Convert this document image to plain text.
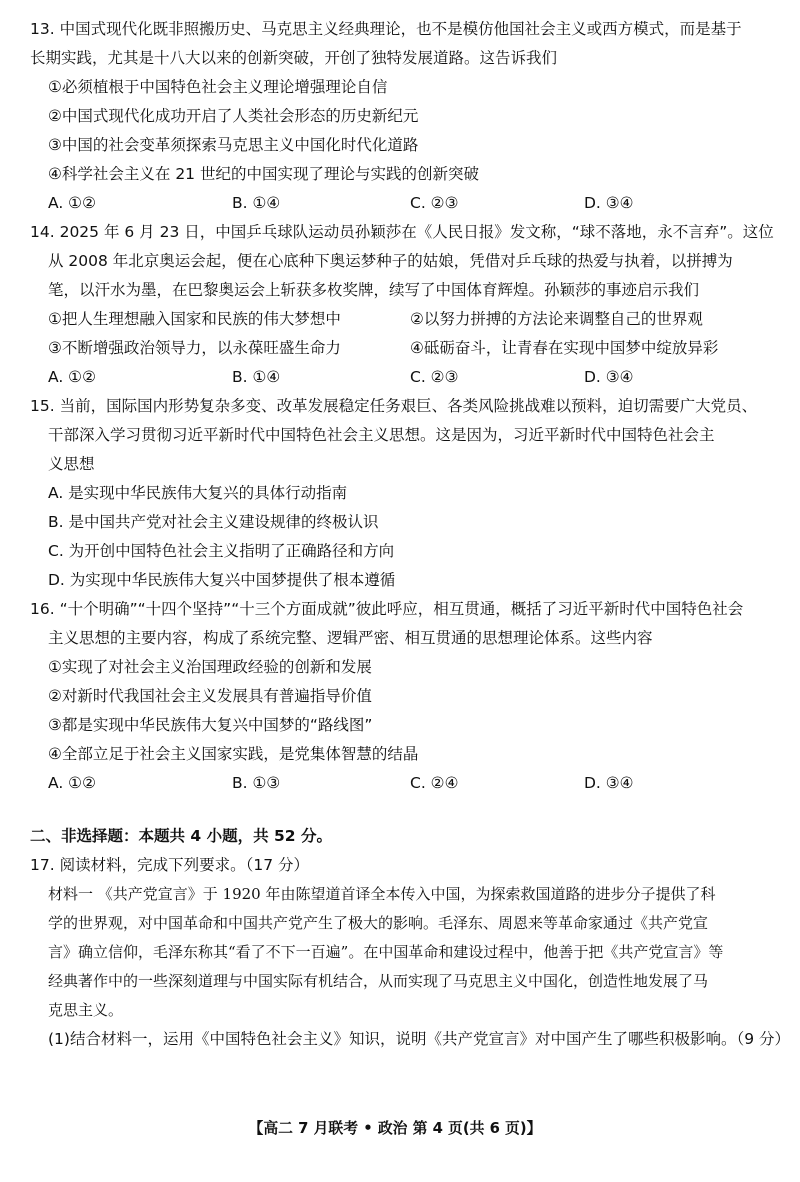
13. 中国式现代化既非照搬历史、马克思主义经典理论，也不是模仿他国社会主义或西方模式，而是基于
长期实践，尤其是十八大以来的创新突破，开创了独特发展道路。这告诉我们
①必须植根于中国特色社会主义理论增强理论自信
②中国式现代化成功开启了人类社会形态的历史新纪元
③中国的社会变革须探索马克思主义中国化时代化道路
④科学社会主义在 21 世纪的中国实现了理论与实践的创新突破
A. ①②	B. ①④	C. ②③	D. ③④
14. 2025 年 6 月 23 日，中国乒乓球队运动员孙颖莎在《人民日报》发文称，“球不落地，永不言弃”。这位
从 2008 年北京奥运会起，便在心底种下奥运梦种子的姑娘，凭借对乒乓球的热爱与执着，以拼搏为
笔，以汗水为墨，在巴黎奥运会上斩获多枚奖牌，续写了中国体育辉煌。孙颖莎的事迹启示我们
①把人生理想融入国家和民族的伟大梦想中	②以努力拼搏的方法论来调整自己的世界观
③不断增强政治领导力，以永葆旺盛生命力	④砥砺奋斗，让青春在实现中国梦中绽放异彩
A. ①②	B. ①④	C. ②③	D. ③④
15. 当前，国际国内形势复杂多变、改革发展稳定任务艰巨、各类风险挑战难以预料，迫切需要广大党员、
干部深入学习贯彻习近平新时代中国特色社会主义思想。这是因为，习近平新时代中国特色社会主
义思想
A. 是实现中华民族伟大复兴的具体行动指南
B. 是中国共产党对社会主义建设规律的终极认识
C. 为开创中国特色社会主义指明了正确路径和方向
D. 为实现中华民族伟大复兴中国梦提供了根本遵循
16. “十个明确”“十四个坚持”“十三个方面成就”彼此呼应，相互贯通，概括了习近平新时代中国特色社会
主义思想的主要内容，构成了系统完整、逻辑严密、相互贯通的思想理论体系。这些内容
①实现了对社会主义治国理政经验的创新和发展
②对新时代我国社会主义发展具有普遍指导价值
③都是实现中华民族伟大复兴中国梦的“路线图”
④全部立足于社会主义国家实践，是党集体智慧的结晶
A. ①②	B. ①③	C. ②④	D. ③④
二、非选择题：本题共 4 小题，共 52 分。
17. 阅读材料，完成下列要求。（17 分）
材料一 《共产党宣言》于 1920 年由陈望道首译全本传入中国，为探索救国道路的进步分子提供了科
学的世界观，对中国革命和中国共产党产生了极大的影响。毛泽东、周恩来等革命家通过《共产党宣
言》确立信仰，毛泽东称其“看了不下一百遍”。在中国革命和建设过程中，他善于把《共产党宣言》等
经典著作中的一些深刻道理与中国实际有机结合，从而实现了马克思主义中国化，创造性地发展了马
克思主义。
(1)结合材料一，运用《中国特色社会主义》知识，说明《共产党宣言》对中国产生了哪些积极影响。（9 分）
【高二 7 月联考 • 政治 第 4 页(共 6 页)】
